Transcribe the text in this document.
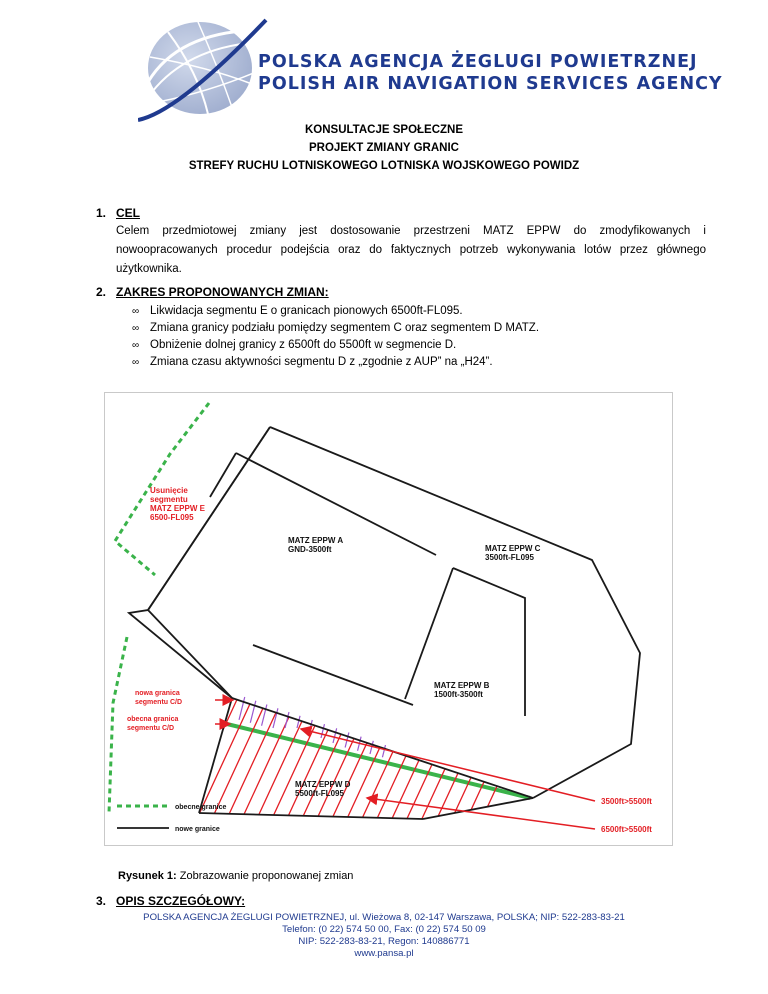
POLSKA AGENCJA ŻEGLUGI POWIETRZNEJ
POLISH AIR NAVIGATION SERVICES AGENCY
KONSULTACJE SPOŁECZNE
PROJEKT ZMIANY GRANIC
STREFY RUCHU LOTNISKOWEGO LOTNISKA WOJSKOWEGO POWIDZ
1. CEL
Celem przedmiotowej zmiany jest dostosowanie przestrzeni MATZ EPPW do zmodyfikowanych i nowoopracowanych procedur podejścia oraz do faktycznych potrzeb wykonywania lotów przez głównego użytkownika.
2. ZAKRES PROPONOWANYCH ZMIAN:
∞ Likwidacja segmentu E o granicach pionowych 6500ft-FL095.
∞ Zmiana granicy podziału pomiędzy segmentem C oraz segmentem D MATZ.
∞ Obniżenie dolnej granicy z 6500ft do 5500ft w segmencie D.
∞ Zmiana czasu aktywności segmentu D z „zgodnie z AUP” na „H24”.
Usunięcie
segmentu
MATZ EPPW E
6500-FL095
MATZ EPPW A
GND-3500ft	MATZ EPPW C
3500ft-FL095
MATZ EPPW B
1500ft-3500ft
MATZ EPPW D
5500ft-FL095
nowa granica
segmentu C/D
obecna granica
segmentu C/D
3500ft>5500ft
6500ft>5500ft
obecne granice
nowe granice
Rysunek 1: Zobrazowanie proponowanej zmian
3. OPIS SZCZEGÓŁOWY:
POLSKA AGENCJA ŻEGLUGI POWIETRZNEJ, ul. Wieżowa 8, 02-147 Warszawa, POLSKA; NIP: 522-283-83-21
Telefon: (0 22) 574 50 00, Fax: (0 22) 574 50 09
NIP: 522-283-83-21, Regon: 140886771
www.pansa.pl
